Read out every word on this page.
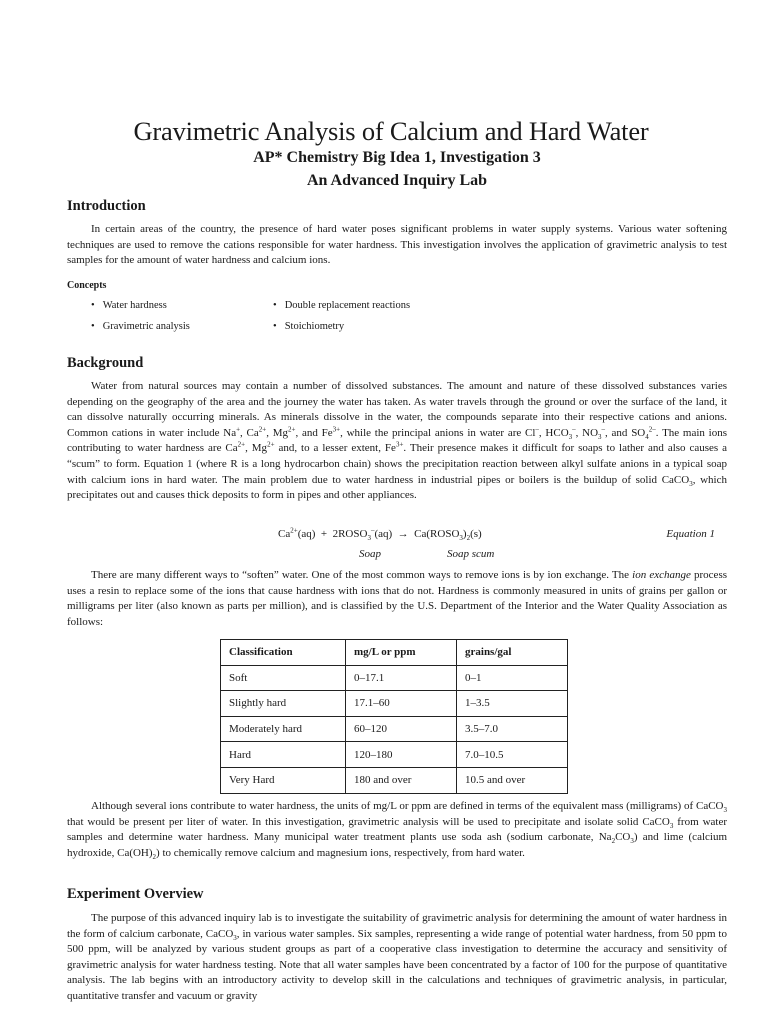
Gravimetric Analysis of Calcium and Hard Water
AP* Chemistry Big Idea 1, Investigation 3
An Advanced Inquiry Lab
Introduction

In certain areas of the country, the presence of hard water poses significant problems in water supply systems. Various water softening techniques are used to remove the cations responsible for water hardness. This investigation involves the application of gravimetric analysis to test samples for the amount of water hardness and calcium ions.

Concepts
• Water hardness	• Double replacement reactions
• Gravimetric analysis	• Stoichiometry
Background

Water from natural sources may contain a number of dissolved substances. The amount and nature of these dissolved substances varies depending on the geography of the area and the journey the water has taken. As water travels through the ground or over the surface of the land, it can dissolve naturally occurring minerals. As minerals dissolve in the water, the compounds separate into their respective cations and anions. Common cations in water include Na+, $Ca^{2+}$, $Mg^{2+}$, and $Fe^{3+}$, while the principal anions in water are Cl–, $HCO_3^-$, $NO_3^-$, and $SO_4^{2-}$. The main ions contributing to water hardness are $Ca^{2+}$, $Mg^{2+}$ and, to a lesser extent, $Fe^{3+}$. Their presence makes it difficult for soaps to lather and also causes a “scum” to form. Equation 1 (where R is a long hydrocarbon chain) shows the precipitation reaction between alkyl sulfate anions in a typical soap with calcium ions in hard water. The main problem due to water hardness in industrial pipes or boilers is the buildup of solid CaCO$_3$, which precipitates out and causes thick deposits to form in pipes and other appliances.

$Ca^{2+}(aq)$  +  $2ROSO_3^-(aq)$  →  $Ca(ROSO_3)_2(s)$	Equation 1
Soap	Soap scum

There are many different ways to “soften” water. One of the most common ways to remove ions is by ion exchange. The ion exchange process uses a resin to replace some of the ions that cause hardness with ions that do not. Hardness is commonly measured in units of grains per gallon or milligrams per liter (also known as parts per million), and is classified by the U.S. Department of the Interior and the Water Quality Association as follows:

Classification	mg/L or ppm	grains/gal
Soft	0–17.1	0–1
Slightly hard	17.1–60	1–3.5
Moderately hard	60–120	3.5–7.0
Hard	120–180	7.0–10.5
Very Hard	180 and over	10.5 and over

Although several ions contribute to water hardness, the units of mg/L or ppm are defined in terms of the equivalent mass (milligrams) of CaCO$_3$ that would be present per liter of water. In this investigation, gravimetric analysis will be used to precipitate and isolate solid CaCO$_3$ from water samples and determine water hardness. Many municipal water treatment plants use soda ash (sodium carbonate, $Na_2CO_3$) and lime (calcium hydroxide, $Ca(OH)_2$) to chemically remove calcium and magnesium ions, respectively, from hard water.

Experiment Overview

The purpose of this advanced inquiry lab is to investigate the suitability of gravimetric analysis for determining the amount of water hardness in the form of calcium carbonate, CaCO$_3$, in various water samples. Six samples, representing a wide range of potential water hardness, from 50 ppm to 500 ppm, will be analyzed by various student groups as part of a cooperative class investigation to determine the accuracy and sensitivity of gravimetric analysis for water hardness testing. Note that all water samples have been concentrated by a factor of 100 for the purpose of quantitative analysis. The lab begins with an introductory activity to develop skill in the calculations and techniques of gravimetric analysis, in particular, quantitative transfer and vacuum or gravity
